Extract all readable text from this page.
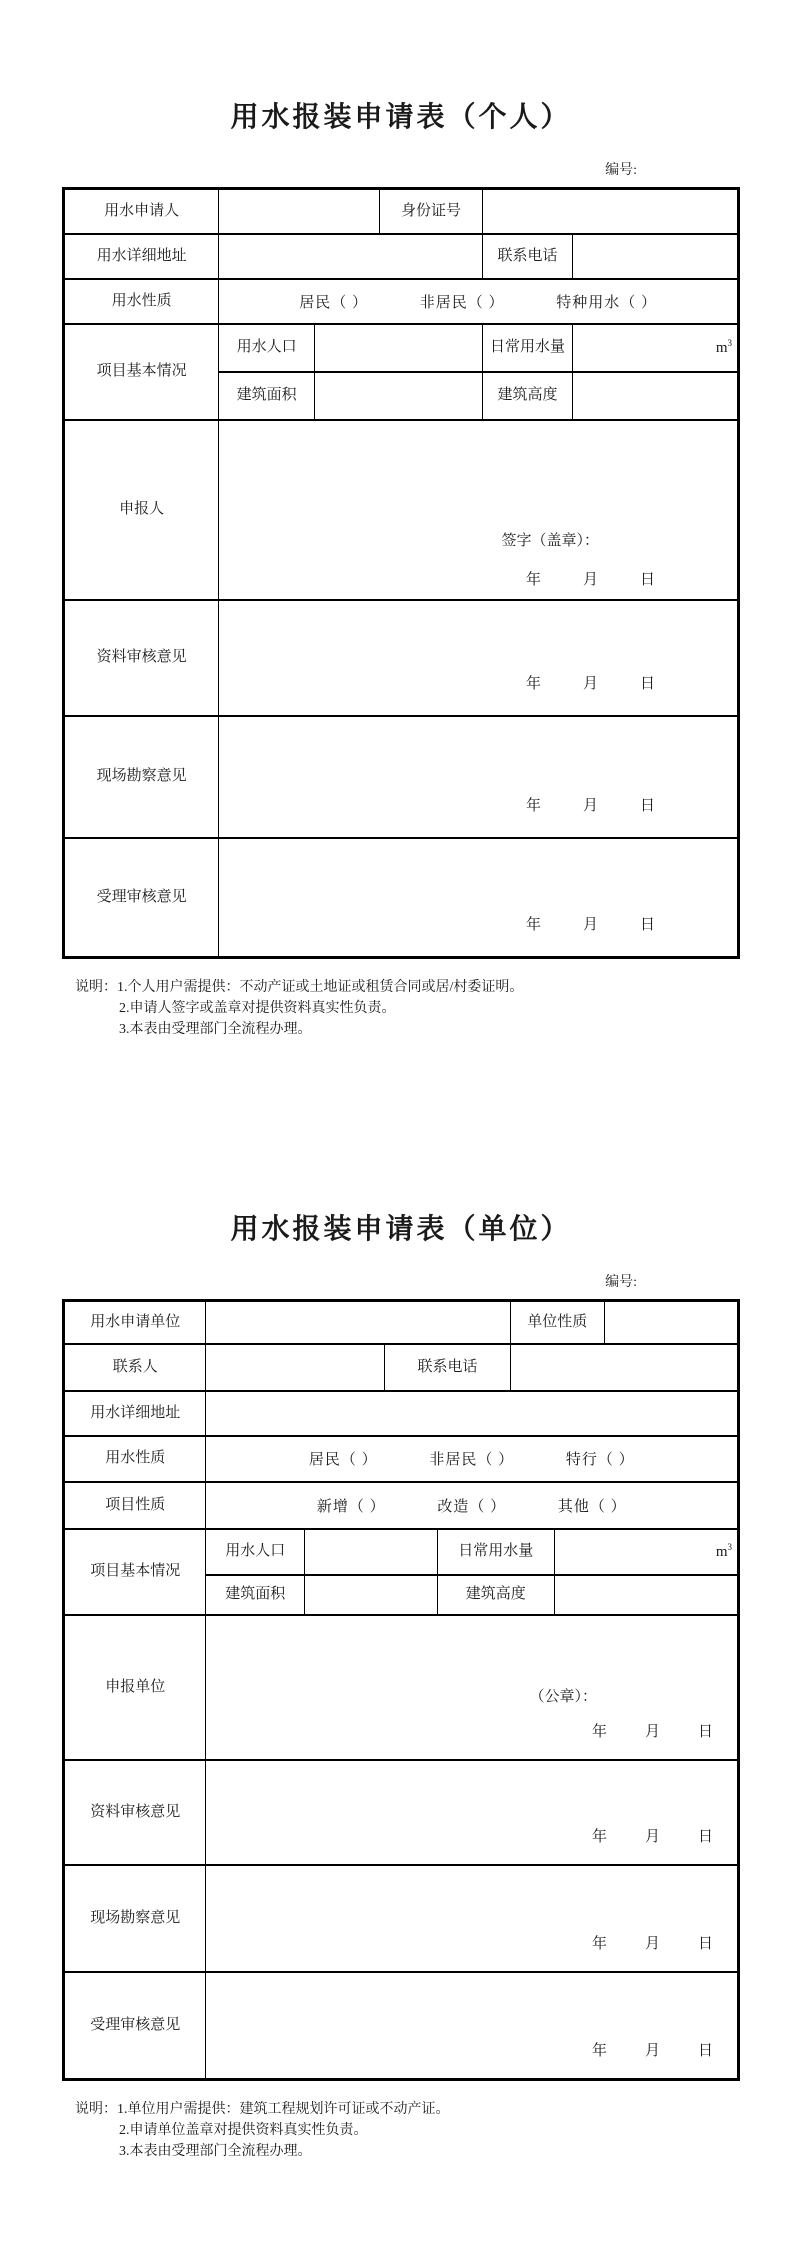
用水报装申请表（个人）
编号:
用水申请人			身份证号		
用水详细地址				联系电话	
用水性质	居民（ ） 非居民（ ） 特种用水（ ）				
项目基本情况	用水人口			日常用水量	$m^3$
	建筑面积			建筑高度	
申报人	签字（盖章）：
年 月 日				

资料审核意见	年 月 日				

现场勘察意见	年 月 日				

受理审核意见	年 月 日				
说明：1.个人用户需提供：不动产证或土地证或租赁合同或居/村委证明。
2.申请人签字或盖章对提供资料真实性负责。
3.本表由受理部门全流程办理。
用水报装申请表（单位）
编号:
用水申请单位					单位性质		
联系人			联系电话				
用水详细地址							
用水性质	居民（ ） 非居民（ ） 特行（ ）						
项目性质	新增（ ） 改造（ ） 其他（ ）						
项目基本情况	用水人口			日常用水量		$m^3$
	建筑面积			建筑高度			
申报单位	（公章）：
年 月 日						

资料审核意见	年 月 日						

现场勘察意见	年 月 日						

受理审核意见	年 月 日						
说明：1.单位用户需提供：建筑工程规划许可证或不动产证。
2.申请单位盖章对提供资料真实性负责。
3.本表由受理部门全流程办理。
